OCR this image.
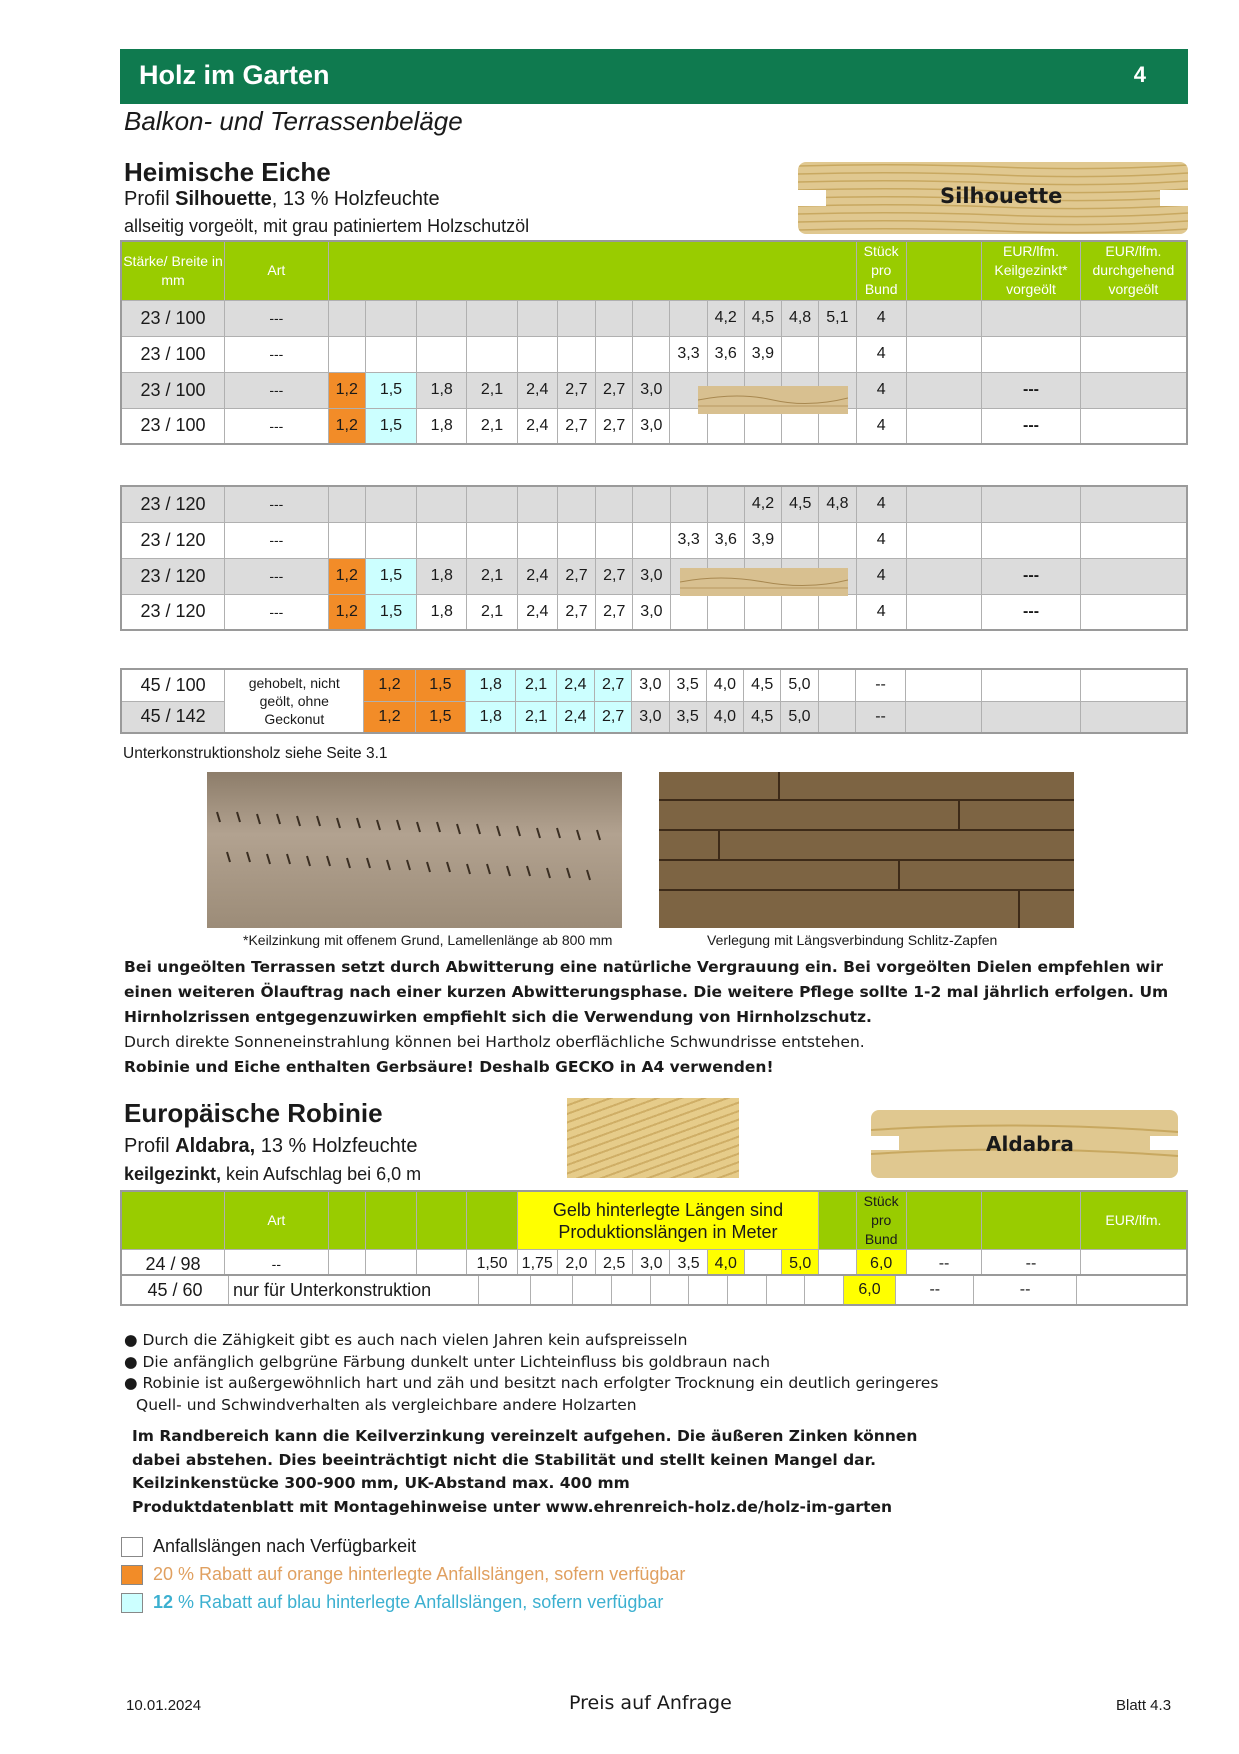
Holz im Garten	4
Balkon- und Terrassenbeläge
Heimische Eiche
Profil Silhouette, 13 % Holzfeuchte
allseitig vorgeölt, mit grau patiniertem Holzschutzöl
Silhouette
Stärke/ Breite in mm	Art														Stück pro Bund		EUR/lfm. Keilgezinkt* vorgeölt	EUR/lfm. durchgehend vorgeölt
23 / 100	---										4,2	4,5	4,8	5,1	4			
23 / 100	---									3,3	3,6	3,9			4			
23 / 100	---	1,2	1,5	1,8	2,1	2,4	2,7	2,7	3,0						4		---	
23 / 100	---	1,2	1,5	1,8	2,1	2,4	2,7	2,7	3,0						4		---	
23 / 120	---											4,2	4,5	4,8	4			
23 / 120	---									3,3	3,6	3,9			4			
23 / 120	---	1,2	1,5	1,8	2,1	2,4	2,7	2,7	3,0						4		---	
23 / 120	---	1,2	1,5	1,8	2,1	2,4	2,7	2,7	3,0						4		---	
45 / 100	gehobelt, nicht geölt, ohne Geckonut	1,2	1,5	1,8	2,1	2,4	2,7	3,0	3,5	4,0	4,5	5,0		--			
45 / 142		1,2	1,5	1,8	2,1	2,4	2,7	3,0	3,5	4,0	4,5	5,0		--			
Unterkonstruktionsholz siehe Seite 3.1
*Keilzinkung mit offenem Grund, Lamellenlänge ab 800 mm	Verlegung mit Längsverbindung Schlitz-Zapfen
Bei ungeölten Terrassen setzt durch Abwitterung eine natürliche Vergrauung ein. Bei vorgeölten Dielen empfehlen wir einen weiteren Ölauftrag nach einer kurzen Abwitterungsphase. Die weitere Pflege sollte 1-2 mal jährlich erfolgen. Um Hirnholzrissen entgegenzuwirken empfiehlt sich die Verwendung von Hirnholzschutz.
Durch direkte Sonneneinstrahlung können bei Hartholz oberflächliche Schwundrisse entstehen.
Robinie und Eiche enthalten Gerbsäure! Deshalb GECKO in A4 verwenden!
Europäische Robinie
Profil Aldabra, 13 % Holzfeuchte
keilgezinkt, kein Aufschlag bei 6,0 m
Aldabra
	Art					Gelb hinterlegte Längen sind Produktionslängen in Meter									Stück pro Bund			EUR/lfm.
24 / 98	--				1,50	1,75	2,0	2,5	3,0	3,5	4,0		5,0		6,0	--	--	
45 / 60	nur für Unterkonstruktion										6,0	--	--	
● Durch die Zähigkeit gibt es auch nach vielen Jahren kein aufspreisseln
● Die anfänglich gelbgrüne Färbung dunkelt unter Lichteinfluss bis goldbraun nach
● Robinie ist außergewöhnlich hart und zäh und besitzt nach erfolgter Trocknung ein deutlich geringeres
Quell- und Schwindverhalten als vergleichbare andere Holzarten
Im Randbereich kann die Keilverzinkung vereinzelt aufgehen. Die äußeren Zinken können
dabei abstehen. Dies beeinträchtigt nicht die Stabilität und stellt keinen Mangel dar.
Keilzinkenstücke 300-900 mm, UK-Abstand max. 400 mm
Produktdatenblatt mit Montagehinweise unter www.ehrenreich-holz.de/holz-im-garten
Anfallslängen nach Verfügbarkeit
20 % Rabatt auf orange hinterlegte Anfallslängen, sofern verfügbar
12 % Rabatt auf blau hinterlegte Anfallslängen, sofern verfügbar
10.01.2024	Preis auf Anfrage	Blatt 4.3
